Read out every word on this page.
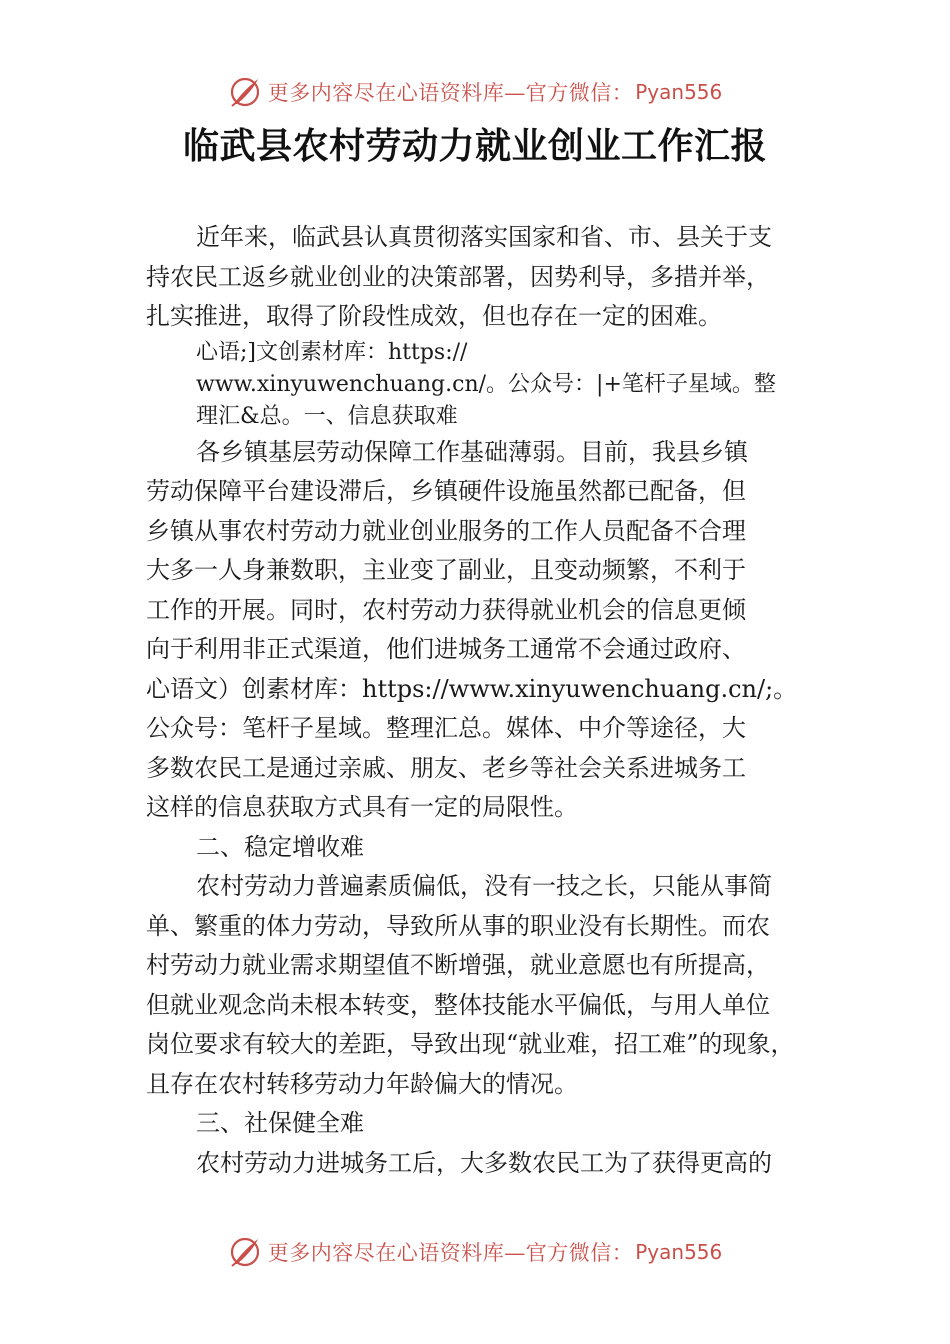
更多内容尽在心语资料库—官方微信： Pyan556
临武县农村劳动力就业创业工作汇报
近年来，临武县认真贯彻落实国家和省、市、县关于支
持农民工返乡就业创业的决策部署，因势利导，多措并举，
扎实推进，取得了阶段性成效，但也存在一定的困难。
心语;]文创素材库：https://
www.xinyuwenchuang.cn/。公众号：|+笔杆子星域。整
理汇&总。一、信息获取难
各乡镇基层劳动保障工作基础薄弱。目前，我县乡镇
劳动保障平台建设滞后，乡镇硬件设施虽然都已配备，但
乡镇从事农村劳动力就业创业服务的工作人员配备不合理
大多一人身兼数职，主业变了副业，且变动频繁，不利于
工作的开展。同时，农村劳动力获得就业机会的信息更倾
向于利用非正式渠道，他们进城务工通常不会通过政府、
心语文）创素材库：https://www.xinyuwenchuang.cn/;。
公众号：笔杆子星域。整理汇总。媒体、中介等途径，大
多数农民工是通过亲戚、朋友、老乡等社会关系进城务工
这样的信息获取方式具有一定的局限性。
二、稳定增收难
农村劳动力普遍素质偏低，没有一技之长，只能从事简
单、繁重的体力劳动，导致所从事的职业没有长期性。而农
村劳动力就业需求期望值不断增强，就业意愿也有所提高，
但就业观念尚未根本转变，整体技能水平偏低，与用人单位
岗位要求有较大的差距，导致出现“就业难，招工难”的现象，
且存在农村转移劳动力年龄偏大的情况。
三、社保健全难
农村劳动力进城务工后，大多数农民工为了获得更高的
更多内容尽在心语资料库—官方微信： Pyan556
